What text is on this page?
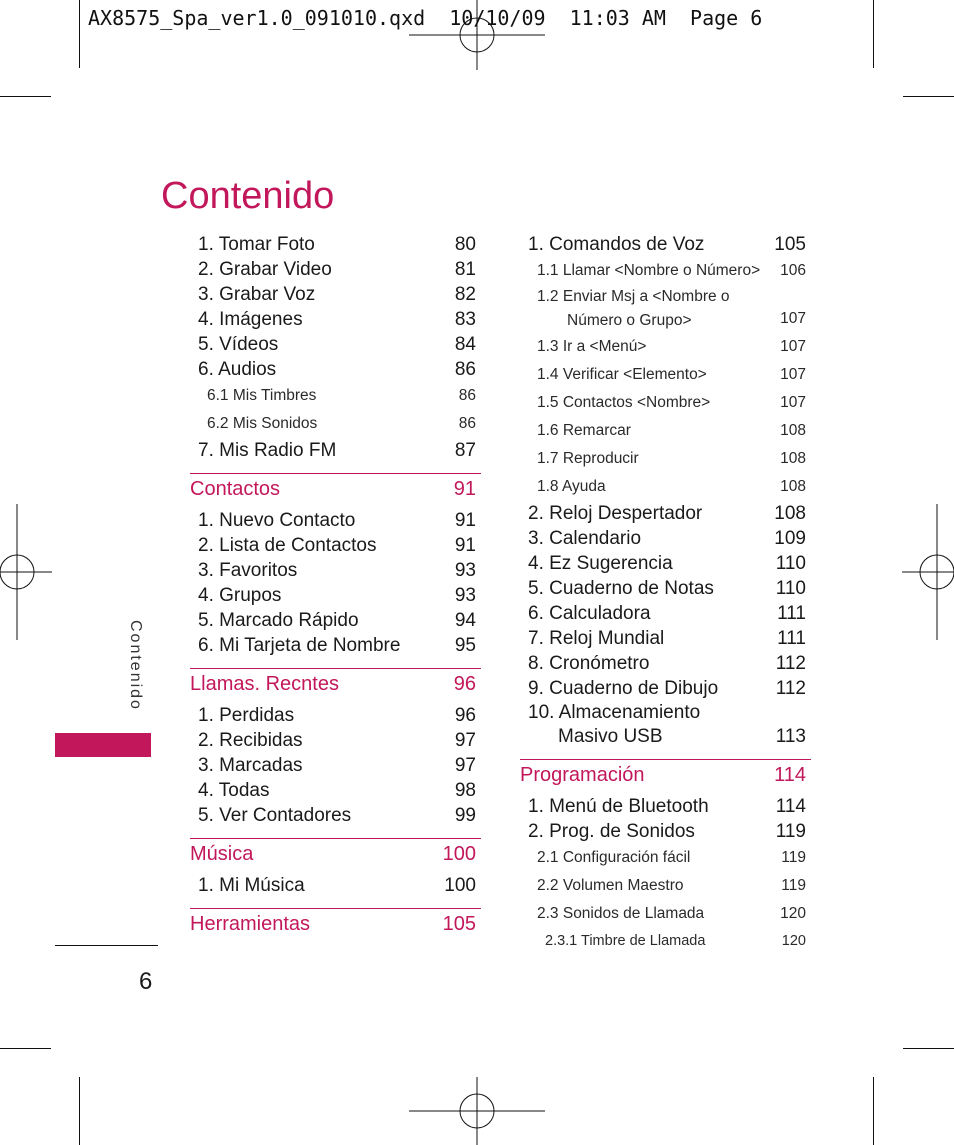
AX8575_Spa_ver1.0_091010.qxd  10/10/09  11:03 AM  Page 6
Contenido
1. Tomar Foto	80
2. Grabar Video	81
3. Grabar Voz	82
4. Imágenes	83
5. Vídeos	84
6. Audios	86
6.1 Mis Timbres	86
6.2 Mis Sonidos	86
7. Mis Radio FM	87
Contactos	91
1. Nuevo Contacto	91
2. Lista de Contactos	91
3. Favoritos	93
4. Grupos	93
5. Marcado Rápido	94
6. Mi Tarjeta de Nombre	95
Llamas. Recntes	96
1. Perdidas	96
2. Recibidas	97
3. Marcadas	97
4. Todas	98
5. Ver Contadores	99
Música	100
1. Mi Música	100
Herramientas	105
1. Comandos de Voz	105
1.1 Llamar <Nombre o Número> 106
1.2 Enviar Msj a <Nombre o
Número o Grupo>	107
1.3 Ir a <Menú>	107
1.4 Verificar <Elemento>	107
1.5 Contactos <Nombre>	107
1.6 Remarcar	108
1.7 Reproducir	108
1.8 Ayuda	108
2. Reloj Despertador	108
3. Calendario	109
4. Ez Sugerencia	110
5. Cuaderno de Notas	110
6. Calculadora	111
7. Reloj Mundial	111
8. Cronómetro	112
9. Cuaderno de Dibujo	112
10. Almacenamiento
Masivo USB	113
Programación	114
1. Menú de Bluetooth	114
2. Prog. de Sonidos	119
2.1 Configuración fácil	119
2.2 Volumen Maestro	119
2.3 Sonidos de Llamada	120
2.3.1 Timbre de Llamada	120
Contenido
6
